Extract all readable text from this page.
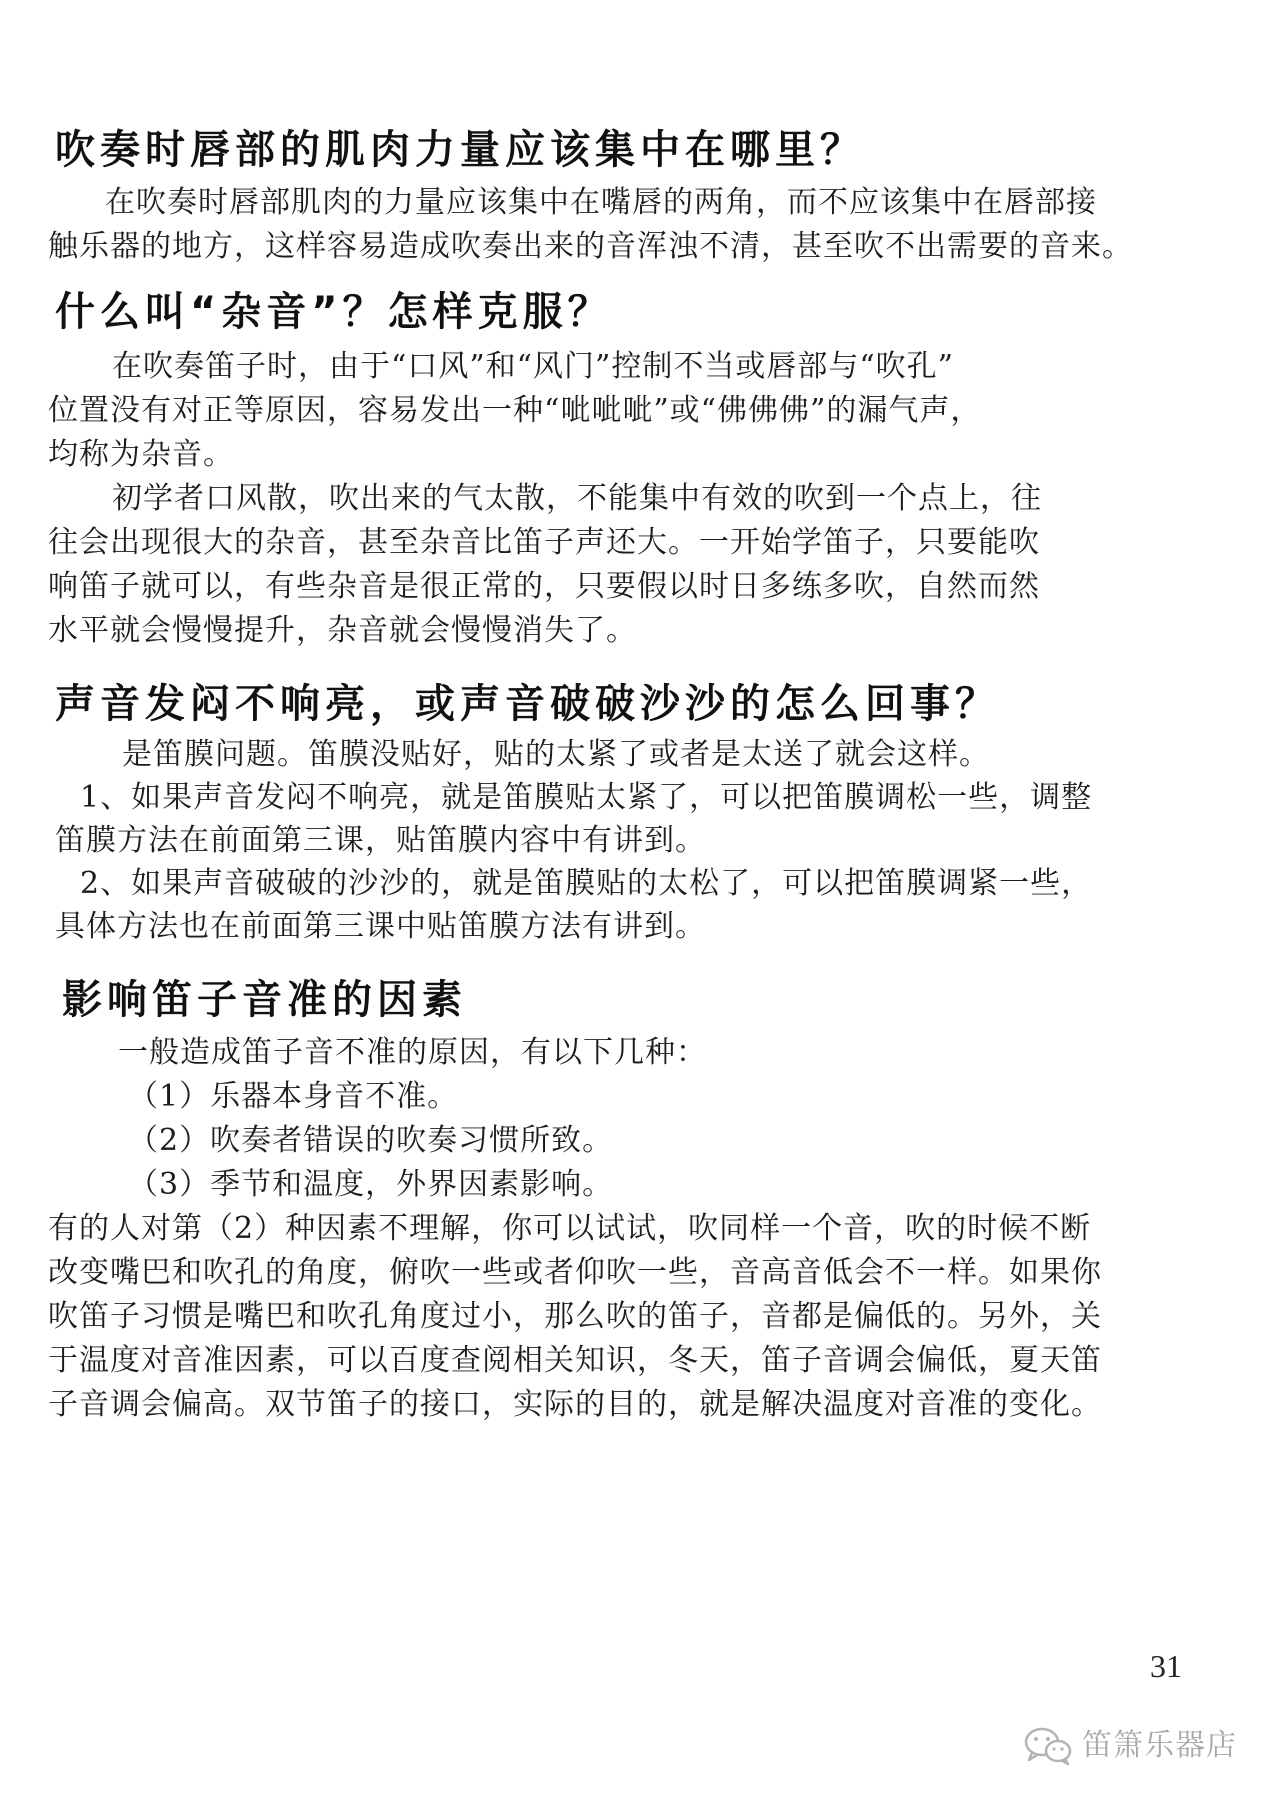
吹奏时唇部的肌肉力量应该集中在哪里？
在吹奏时唇部肌肉的力量应该集中在嘴唇的两角，而不应该集中在唇部接
触乐器的地方，这样容易造成吹奏出来的音浑浊不清，甚至吹不出需要的音来。
什么叫“杂音”？怎样克服？
在吹奏笛子时，由于“口风”和“风门”控制不当或唇部与“吹孔”
位置没有对正等原因，容易发出一种“呲呲呲”或“佛佛佛”的漏气声，
均称为杂音。
初学者口风散，吹出来的气太散，不能集中有效的吹到一个点上，往
往会出现很大的杂音，甚至杂音比笛子声还大。一开始学笛子，只要能吹
响笛子就可以，有些杂音是很正常的，只要假以时日多练多吹，自然而然
水平就会慢慢提升，杂音就会慢慢消失了。
声音发闷不响亮，或声音破破沙沙的怎么回事？
是笛膜问题。笛膜没贴好，贴的太紧了或者是太送了就会这样。
1、如果声音发闷不响亮，就是笛膜贴太紧了，可以把笛膜调松一些，调整
笛膜方法在前面第三课，贴笛膜内容中有讲到。
2、如果声音破破的沙沙的，就是笛膜贴的太松了，可以把笛膜调紧一些，
具体方法也在前面第三课中贴笛膜方法有讲到。
影响笛子音准的因素
一般造成笛子音不准的原因，有以下几种：
（1）乐器本身音不准。
（2）吹奏者错误的吹奏习惯所致。
（3）季节和温度，外界因素影响。
有的人对第（2）种因素不理解，你可以试试，吹同样一个音，吹的时候不断
改变嘴巴和吹孔的角度，俯吹一些或者仰吹一些，音高音低会不一样。如果你
吹笛子习惯是嘴巴和吹孔角度过小，那么吹的笛子，音都是偏低的。另外，关
于温度对音准因素，可以百度查阅相关知识，冬天，笛子音调会偏低，夏天笛
子音调会偏高。双节笛子的接口，实际的目的，就是解决温度对音准的变化。
31
笛箫乐器店
